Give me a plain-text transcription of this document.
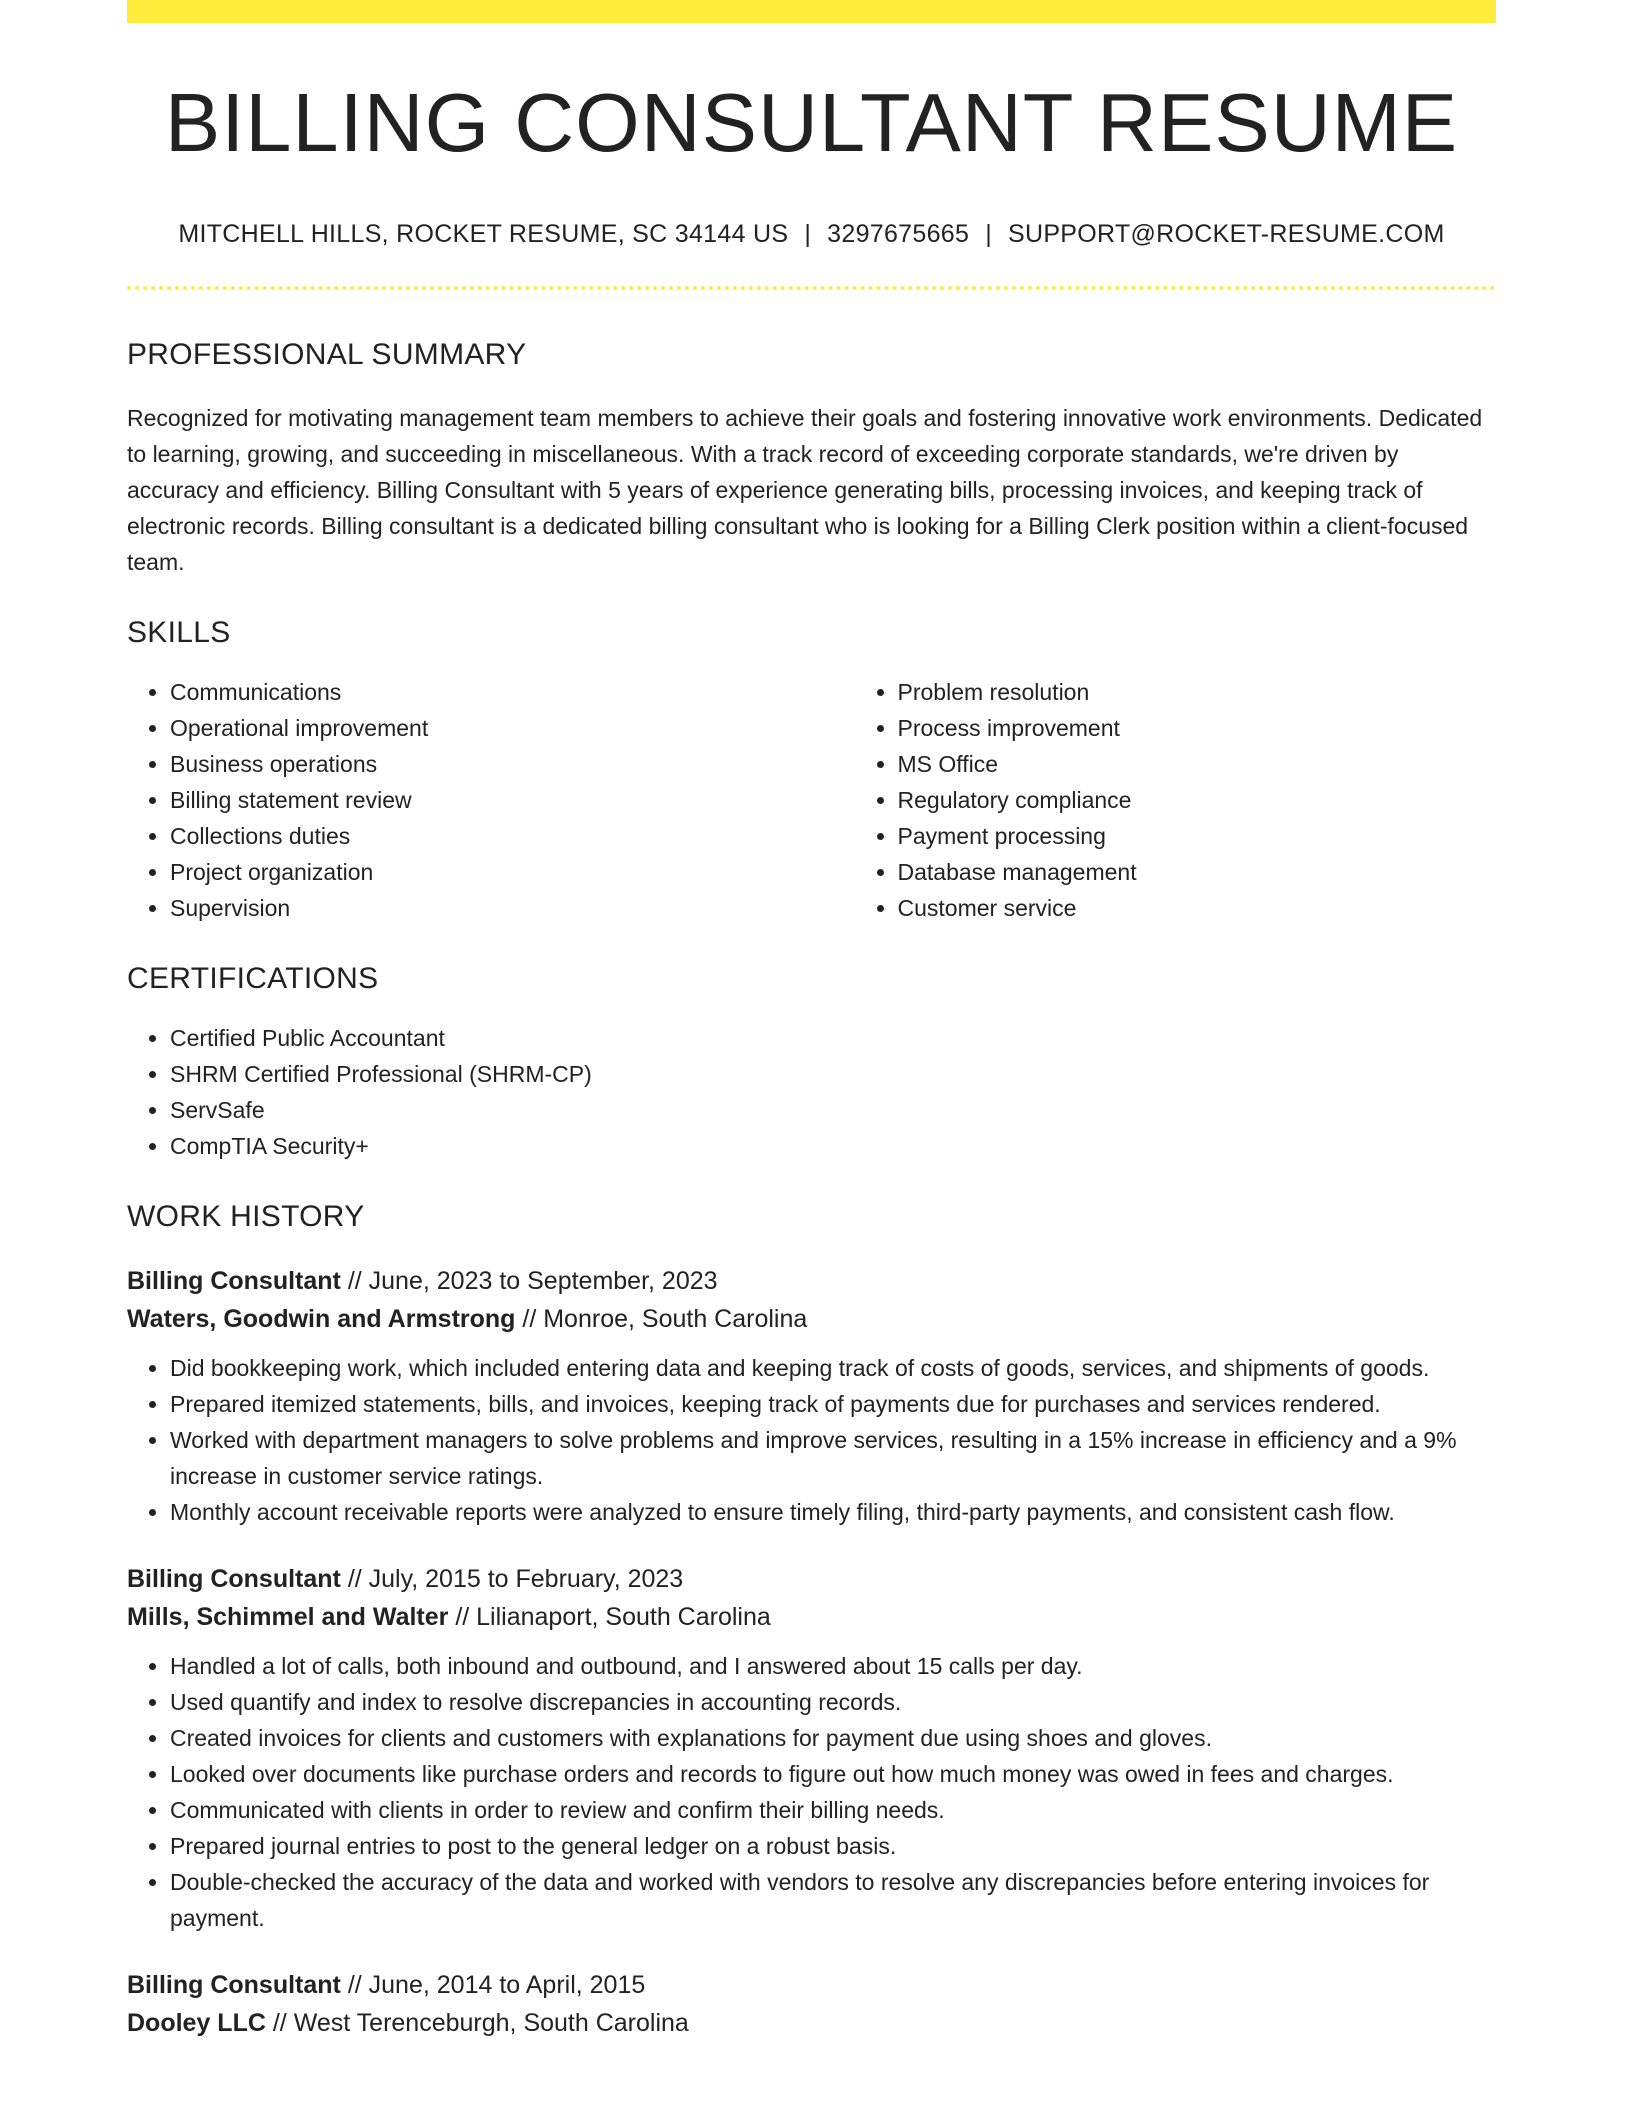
BILLING CONSULTANT RESUME
MITCHELL HILLS, ROCKET RESUME, SC 34144 US | 3297675665 | SUPPORT@ROCKET-RESUME.COM
PROFESSIONAL SUMMARY

Recognized for motivating management team members to achieve their goals and fostering innovative work environments. Dedicated to learning, growing, and succeeding in miscellaneous. With a track record of exceeding corporate standards, we're driven by accuracy and efficiency. Billing Consultant with 5 years of experience generating bills, processing invoices, and keeping track of electronic records. Billing consultant is a dedicated billing consultant who is looking for a Billing Clerk position within a client-focused team.

SKILLS
• Communications
• Operational improvement
• Business operations
• Billing statement review
• Collections duties
• Project organization
• Supervision
• Problem resolution
• Process improvement
• MS Office
• Regulatory compliance
• Payment processing
• Database management
• Customer service
CERTIFICATIONS
• Certified Public Accountant
• SHRM Certified Professional (SHRM-CP)
• ServSafe
• CompTIA Security+
WORK HISTORY
Billing Consultant // June, 2023 to September, 2023
Waters, Goodwin and Armstrong // Monroe, South Carolina
• Did bookkeeping work, which included entering data and keeping track of costs of goods, services, and shipments of goods.
• Prepared itemized statements, bills, and invoices, keeping track of payments due for purchases and services rendered.
• Worked with department managers to solve problems and improve services, resulting in a 15% increase in efficiency and a 9% increase in customer service ratings.
• Monthly account receivable reports were analyzed to ensure timely filing, third-party payments, and consistent cash flow.
Billing Consultant // July, 2015 to February, 2023
Mills, Schimmel and Walter // Lilianaport, South Carolina
• Handled a lot of calls, both inbound and outbound, and I answered about 15 calls per day.
• Used quantify and index to resolve discrepancies in accounting records.
• Created invoices for clients and customers with explanations for payment due using shoes and gloves.
• Looked over documents like purchase orders and records to figure out how much money was owed in fees and charges.
• Communicated with clients in order to review and confirm their billing needs.
• Prepared journal entries to post to the general ledger on a robust basis.
• Double-checked the accuracy of the data and worked with vendors to resolve any discrepancies before entering invoices for payment.
Billing Consultant // June, 2014 to April, 2015
Dooley LLC // West Terenceburgh, South Carolina
